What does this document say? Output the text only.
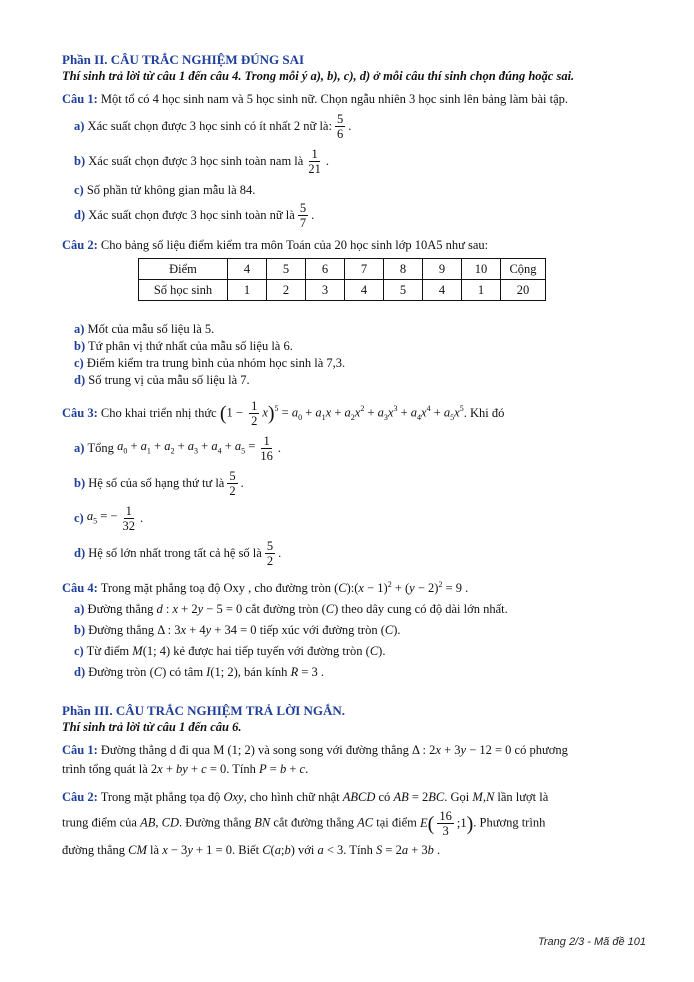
Phần II. CÂU TRẮC NGHIỆM ĐÚNG SAI
Thí sinh trả lời từ câu 1 đến câu 4. Trong mỗi ý a), b), c), d) ở mỗi câu thí sinh chọn đúng hoặc sai.
Câu 1: Một tổ có 4 học sinh nam và 5 học sinh nữ. Chọn ngẫu nhiên 3 học sinh lên bảng làm bài tập.
a)
Xác suất chọn được 3 học sinh có ít nhất 2 nữ là: $\frac{5}{6}$ .
b)
Xác suất chọn được 3 học sinh toàn nam là $\frac{1}{21}$ .
c) Số phần tử không gian mẫu là 84.
d)
Xác suất chọn được 3 học sinh toàn nữ là $\frac{5}{7}$ .
Câu 2: Cho bảng số liệu điểm kiểm tra môn Toán của 20 học sinh lớp 10A5 như sau:
Điểm	4	5	6	7	8	9	10	Cộng
Số học sinh	1	2	3	4	5	4	1	20
a) Mốt của mẫu số liệu là 5.
b) Tứ phân vị thứ nhất của mẫu số liệu là 6.
c) Điểm kiểm tra trung bình của nhóm học sinh là 7,3.
d) Số trung vị của mẫu số liệu là 7.
Câu 3:
Cho khai triển nhị thức
$(1 - \frac{1}{2} x)^5 = a_0 + a_1x + a_2x^2 + a_3x^3 + a_4x^4 + a_5x^5$ . Khi đó
a)
Tổng
$a_0 + a_1 + a_2 + a_3 + a_4 + a_5 = \frac{1}{16}$ .
b)
Hệ số của số hạng thứ tư là $\frac{5}{2}$ .
c)
$a_5$ = − $\frac{1}{32}$ .
d)
Hệ số lớn nhất trong tất cả hệ số là $\frac{5}{2}$ .
Câu 4: Trong mặt phẳng toạ độ Oxy , cho đường tròn (C):(x − $1)^2 + (y - 2)^2 = 9$ .
a) Đường thẳng d : x + 2y − 5 = 0 cắt đường tròn (C) theo dây cung có độ dài lớn nhất.
b) Đường thẳng Δ : 3x + 4y + 34 = 0 tiếp xúc với đường tròn (C).
c) Từ điểm M(1; 4) kẻ được hai tiếp tuyến với đường tròn (C).
d) Đường tròn (C) có tâm I(1; 2), bán kính R = 3 .
Phần III. CÂU TRẮC NGHIỆM TRẢ LỜI NGẮN.
Thí sinh trả lời từ câu 1 đến câu 6.
Câu 1: Đường thẳng d đi qua M (1; 2) và song song với đường thẳng Δ : 2x + 3y − 12 = 0 có phương
trình tổng quát là 2x + by + c = 0. Tính P = b + c.
Câu 2: Trong mặt phẳng tọa độ Oxy, cho hình chữ nhật ABCD có AB = 2BC. Gọi M,N lần lượt là
trung điểm của AB, CD. Đường thẳng BN cắt đường thẳng AC tại điểm $E( \frac{16}{3}$ ;1). Phương trình
đường thẳng CM là x − 3y + 1 = 0. Biết C(a;b) với a < 3. Tính S = 2a + 3b .
Trang 2/3 - Mã đề 101
